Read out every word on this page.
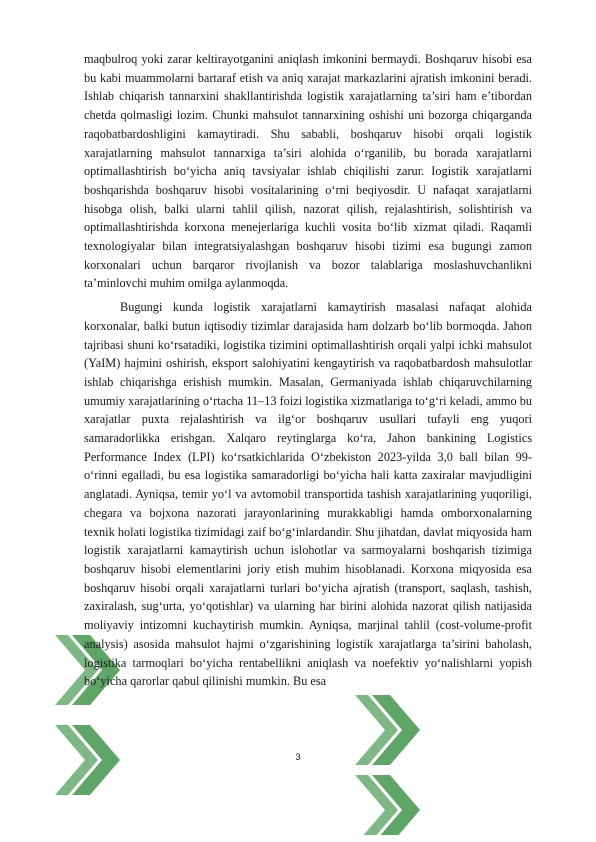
maqbulroq yoki zarar keltirayotganini aniqlash imkonini bermaydi. Boshqaruv hisobi esa bu kabi muammolarni bartaraf etish va aniq xarajat markazlarini ajratish imkonini beradi. Ishlab chiqarish tannarxini shakllantirishda logistik xarajatlarning ta’siri ham e’tibordan chetda qolmasligi lozim. Chunki mahsulot tannarxining oshishi uni bozorga chiqarganda raqobatbardoshligini kamaytiradi. Shu sababli, boshqaruv hisobi orqali logistik xarajatlarning mahsulot tannarxiga ta’siri alohida o‘rganilib, bu borada xarajatlarni optimallashtirish bo‘yicha aniq tavsiyalar ishlab chiqilishi zarur. Iogistik xarajatlarni boshqarishda boshqaruv hisobi vositalarining o‘rni beqiyosdir. U nafaqat xarajatlarni hisobga olish, balki ularni tahlil qilish, nazorat qilish, rejalashtirish, solishtirish va optimallashtirishda korxona menejerlariga kuchli vosita bo‘lib xizmat qiladi. Raqamli texnologiyalar bilan integratsiyalashgan boshqaruv hisobi tizimi esa bugungi zamon korxonalari uchun barqaror rivojlanish va bozor talablariga moslashuvchanlikni ta’minlovchi muhim omilga aylanmoqda.

Bugungi kunda logistik xarajatlarni kamaytirish masalasi nafaqat alohida korxonalar, balki butun iqtisodiy tizimlar darajasida ham dolzarb bo‘lib bormoqda. Jahon tajribasi shuni ko‘rsatadiki, logistika tizimini optimallashtirish orqali yalpi ichki mahsulot (YaIM) hajmini oshirish, eksport salohiyatini kengaytirish va raqobatbardosh mahsulotlar ishlab chiqarishga erishish mumkin. Masalan, Germaniyada ishlab chiqaruvchilarning umumiy xarajatlarining o‘rtacha 11–13 foizi logistika xizmatlariga to‘g‘ri keladi, ammo bu xarajatlar puxta rejalashtirish va ilg‘or boshqaruv usullari tufayli eng yuqori samaradorlikka erishgan. Xalqaro reytinglarga ko‘ra, Jahon bankining Logistics Performance Index (LPI) ko‘rsatkichlarida O‘zbekiston 2023-yilda 3,0 ball bilan 99-o‘rinni egalladi, bu esa logistika samaradorligi bo‘yicha hali katta zaxiralar mavjudligini anglatadi. Ayniqsa, temir yo‘l va avtomobil transportida tashish xarajatlarining yuqoriligi, chegara va bojxona nazorati jarayonlarining murakkabligi hamda omborxonalarning texnik holati logistika tizimidagi zaif bo‘g‘inlardandir. Shu jihatdan, davlat miqyosida ham logistik xarajatlarni kamaytirish uchun islohotlar va sarmoyalarni boshqarish tizimiga boshqaruv hisobi elementlarini joriy etish muhim hisoblanadi. Korxona miqyosida esa boshqaruv hisobi orqali xarajatlarni turlari bo‘yicha ajratish (transport, saqlash, tashish, zaxiralash, sug‘urta, yo‘qotishlar) va ularning har birini alohida nazorat qilish natijasida moliyaviy intizomni kuchaytirish mumkin. Ayniqsa, marjinal tahlil (cost-volume-profit analysis) asosida mahsulot hajmi o‘zgarishining logistik xarajatlarga ta’sirini baholash, logistika tarmoqlari bo‘yicha rentabellikni aniqlash va noefektiv yo‘nalishlarni yopish bo‘yicha qarorlar qabul qilinishi mumkin. Bu esa

3
